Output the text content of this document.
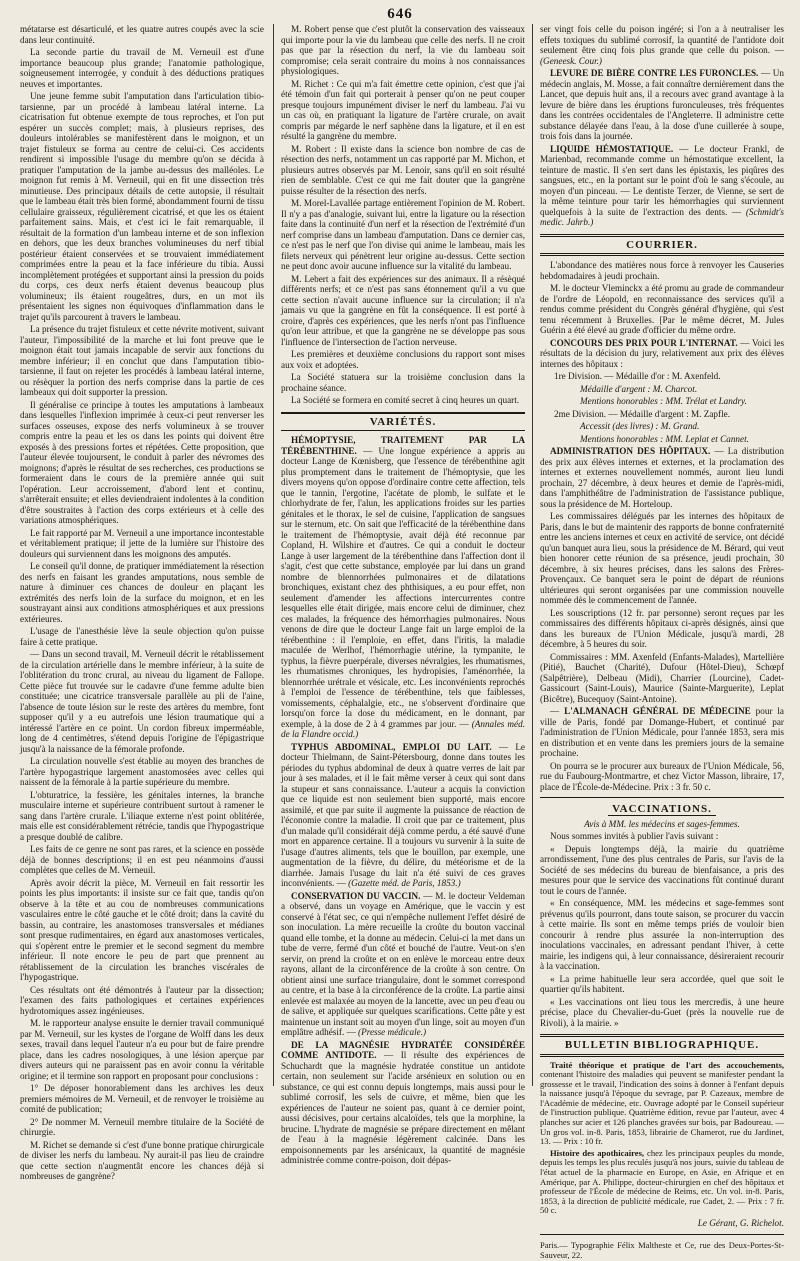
646

métatarse est désarticulé, et les quatre autres coupés avec la scie dans leur continuité.

La seconde partie du travail de M. Verneuil est d'une importance beaucoup plus grande; l'anatomie pathologique, soigneusement interrogée, y conduit à des déductions pratiques neuves et importantes.

Une jeune femme subit l'amputation dans l'articulation tibio-tarsienne, par un procédé à lambeau latéral interne. La cicatrisation fut obtenue exempte de tous reproches, et l'on put espérer un succès complet; mais, à plusieurs reprises, des douleurs intolérables se manifestèrent dans le moignon, et un trajet fistuleux se forma au centre de celui-ci. Ces accidents rendirent si impossible l'usage du membre qu'on se décida à pratiquer l'amputation de la jambe au-dessus des malléoles. Le moignon fut remis à M. Verneuil, qui en fit une dissection très minutieuse. Des principaux détails de cette autopsie, il résultait que le lambeau était très bien formé, abondamment fourni de tissu cellulaire graisseux, régulièrement cicatrisé, et que les os étaient parfaitement sains. Mais, et c'est ici le fait remarquable, il résultait de la formation d'un lambeau interne et de son inflexion en dehors, que les deux branches volumineuses du nerf tibial postérieur étaient conservées et se trouvaient immédiatement comprimées entre la peau et la face inférieure du tibia. Aussi incomplètement protégées et supportant ainsi la pression du poids du corps, ces deux nerfs étaient devenus beaucoup plus volumineux; ils étaient rougeâtres, durs, en un mot ils présentaient les signes non équivoques d'inflammation dans le trajet qu'ils parcourent à travers le lambeau.

La présence du trajet fistuleux et cette névrite motivent, suivant l'auteur, l'impossibilité de la marche et lui font preuve que le moignon était tout jamais incapable de servir aux fonctions du membre inférieur; il en conclut que dans l'amputation tibio-tarsienne, il faut on rejeter les procédés à lambeau latéral interne, ou résèquer la portion des nerfs comprise dans la partie de ces lambeaux qui doit supporter la pression.

Il généralise ce principe à toutes les amputations à lambeaux dans lesquelles l'inflexion imprimée à ceux-ci peut renverser les surfaces osseuses, expose des nerfs volumineux à se trouver compris entre la peau et les os dans les points qui doivent être exposés à des pressions fortes et répétées. Cette proposition, que l'auteur élevée toujoursent, le conduit à parler des névromes des moignons; d'après le résultat de ses recherches, ces productions se formeraient dans le cours de la première année qui suit l'opération. Leur accroissement, d'abord lent et continu, s'arrêterait ensuite; et elles deviendraient indolentes à la condition d'être soustraites à l'action des corps extérieurs et à celle des variations atmosphériques.

Le fait rapporté par M. Verneuil a une importance incontestable et véritablement pratique; il jette de la lumière sur l'histoire des douleurs qui surviennent dans les moignons des amputés.

Le conseil qu'il donne, de pratiquer immédiatement la résection des nerfs en faisant les grandes amputations, nous semble de nature à diminuer ces chances de douleur en plaçant les extrémités des nerfs loin de la surface du moignon, et en les soustrayant ainsi aux conditions atmosphériques et aux pressions extérieures.

L'usage de l'anesthésie lève la seule objection qu'on puisse faire à cette pratique.

— Dans un second travail, M. Verneuil décrit le rétablissement de la circulation artérielle dans le membre inférieur, à la suite de l'oblitération du tronc crural, au niveau du ligament de Fallope. Cette pièce fut trouvée sur le cadavre d'une femme adulte bien constituée; une cicatrice transversale parallèle au pli de l'aine, l'absence de toute lésion sur le reste des artères du membre, font supposer qu'il y a eu autrefois une lésion traumatique qui a intéressé l'artère en ce point. Un cordon fibreux imperméable, long de 4 centimètres, s'étend depuis l'origine de l'épigastrique jusqu'à la naissance de la fémorale profonde.

La circulation nouvelle s'est établie au moyen des branches de l'artère hypogastrique largement anastomosées avec celles qui naissent de la fémorale à la partie supérieure du membre.

L'obturatrice, la fessière, les génitales internes, la branche musculaire interne et supérieure contribuent surtout à ramener le sang dans l'artère crurale. L'iliaque externe n'est point oblitérée, mais elle est considérablement rétrécie, tandis que l'hypogastrique a presque doublé de calibre.

Les faits de ce genre ne sont pas rares, et la science en possède déjà de bonnes descriptions; il en est peu néanmoins d'aussi complètes que celles de M. Verneuil.

Après avoir décrit la pièce, M. Verneuil en fait ressortir les points les plus importants: il insiste sur ce fait que, tandis qu'on observe à la tête et au cou de nombreuses communications vasculaires entre le côté gauche et le côté droit; dans la cavité du bassin, au contraire, les anastomoses transversales et médianes sont presque rudimentaires, en égard aux anastomoses verticales, qui s'opèrent entre le premier et le second segment du membre inférieur. Il note encore le peu de part que prennent au rétablissement de la circulation les branches viscérales de l'hypogastrique.

Ces résultats ont été démontrés à l'auteur par la dissection; l'examen des faits pathologiques et certaines expériences hydrotomiques assez ingénieuses.

M. le rapporteur analyse ensuite le dernier travail communiqué par M. Verneuil, sur les kystes de l'organe de Wolff dans les deux sexes, travail dans lequel l'auteur n'a eu pour but de faire prendre place, dans les cadres nosologiques, à une lésion aperçue par divers auteurs qui ne paraissent pas en avoir connu la véritable origine; et il termine son rapport en proposant pour conclusions :

1° De déposer honorablement dans les archives les deux premiers mémoires de M. Verneuil, et de renvoyer le troisième au comité de publication;

2° De nommer M. Verneuil membre titulaire de la Société de chirurgie.

M. Richet se demande si c'est d'une bonne pratique chirurgicale de diviser les nerfs du lambeau. Ny aurait-il pas lieu de craindre que cette section n'augmentât encore les chances déjà si nombreuses de gangrène?

M. Robert pense que c'est plutôt la conservation des vaisseaux qui importe pour la vie du lambeau que celle des nerfs. Il ne croit pas que par la résection du nerf, la vie du lambeau soit compromise; cela serait contraire du moins à nos connaissances physiologiques.

M. Richet : Ce qui m'a fait émettre cette opinion, c'est que j'ai été témoin d'un fait qui porterait à penser qu'on ne peut couper presque toujours impunément diviser le nerf du lambeau. J'ai vu un cas où, en pratiquant la ligature de l'artère crurale, on avait compris par mégarde le nerf saphène dans la ligature, et il en est résulté la gangrène du membre.

M. Robert : Il existe dans la science bon nombre de cas de résection des nerfs, notamment un cas rapporté par M. Michon, et plusieurs autres observés par M. Lenoir, sans qu'il en soit résulté rien de semblable. C'est ce qui me fait douter que la gangrène puisse résulter de la résection des nerfs.

M. Morel-Lavallée partage entièrement l'opinion de M. Robert. Il n'y a pas d'analogie, suivant lui, entre la ligature ou la résection faite dans la continuité d'un nerf et la résection de l'extrémité d'un nerf comprise dans un lambeau d'amputation. Dans ce dernier cas, ce n'est pas le nerf que l'on divise qui anime le lambeau, mais les filets nerveux qui pénètrent leur origine au-dessus. Cette section ne peut donc avoir aucune influence sur la vitalité du lambeau.

M. Lebert a fait des expériences sur des animaux. Il a résèqué différents nerfs; et ce n'est pas sans étonnement qu'il a vu que cette section n'avait aucune influence sur la circulation; il n'a jamais vu que la gangrène en fût la conséquence. Il est porté à croire, d'après ces expériences, que les nerfs n'ont pas l'influence qu'on leur attribue, et que la gangrène ne se développe pas sous l'influence de l'intersection de l'action nerveuse.

Les premières et deuxième conclusions du rapport sont mises aux voix et adoptées.

La Société statuera sur la troisième conclusion dans la prochaine séance.

La Société se formera en comité secret à cinq heures un quart.

VARIÉTÉS.

HÉMOPTYSIE, TRAITEMENT PAR LA TÉRÉBENTHINE. — Une longue expérience a appris au docteur Lange de Kœnisberg, que l'essence de térébenthine agit plus promptement dans le traitement de l'hémoptysie, que les divers moyens qu'on oppose d'ordinaire contre cette affection, tels que le tannin, l'ergotine, l'acétate de plomb, le sulfate et le chlorhydrate de fer, l'alun, les applications froides sur les parties génitales et le thorax, le sel de cuisine, l'application de sangsues sur le sternum, etc. On sait que l'efficacité de la térébenthine dans le traitement de l'hémoptysie, avait déjà été reconnue par Copland, H. Wilshire et d'autres. Ce qui a conduit le docteur Lange à user largement de la térébenthine dans l'affection dont il s'agit, c'est que cette substance, employée par lui dans un grand nombre de blennorrhées pulmonaires et de dilatations bronchiques, existant chez des phthisiques, a eu pour effet, non seulement d'amender les affections intercurrentes contre lesquelles elle était dirigée, mais encore celui de diminuer, chez ces malades, la fréquence des hémorrhagies pulmonaires. Nous venons de dire que le docteur Lange fait un large emploi de la térébenthine : il l'emploie, en effet, dans l'iritis, la maladie maculée de Werlhof, l'hémorrhagie utérine, la tympanite, le typhus, la fièvre puerpérale, diverses névralgies, les rhumatismes, les rhumatismes chroniques, les hydropisies, l'aménorrhée, la blennorrhée urétrale et vésicale, etc. Les inconvénients reprochés à l'emploi de l'essence de térébenthine, tels que faiblesses, vomissements, céphalalgie, etc., ne s'observent d'ordinaire que lorsqu'on force la dose du médicament, en le donnant, par exemple, à la dose de 2 à 4 grammes par jour. — (Annales méd. de la Flandre occid.)

TYPHUS ABDOMINAL, EMPLOI DU LAIT. — Le docteur Thielmann, de Saint-Pétersbourg, donne dans toutes les périodes du typhus abdominal de deux à quatre verres de lait par jour à ses malades, et il le fait même verser à ceux qui sont dans la stupeur et sans connaissance. L'auteur a acquis la conviction que ce liquide est non seulement bien supporté, mais encore assimilé, et que par suite il augmente la puissance de réaction de l'économie contre la maladie. Il croit que par ce traitement, plus d'un malade qu'il considérait déjà comme perdu, a été sauvé d'une mort en apparence certaine. Il a toujours vu survenir à la suite de l'usage d'autres aliments, tels que le bouillon, par exemple, une augmentation de la fièvre, du délire, du météorisme et de la diarrhée. Jamais l'usage du lait n'a été suivi de ces graves inconvénients. — (Gazette méd. de Paris, 1853.)

CONSERVATION DU VACCIN. — M. le docteur Veldeman a observé, dans un voyage en Amérique, que le vaccin y est conservé à l'état sec, ce qui n'empêche nullement l'effet désiré de son inoculation. La mère recueille la croûte du bouton vaccinal quand elle tombe, et la donne au médecin. Celui-ci la met dans un tube de verre, fermé d'un côté et bouché de l'autre. Veut-on s'en servir, on prend la croûte et on en enlève le morceau entre deux rayons, allant de la circonférence de la croûte à son centre. On obtient ainsi une surface triangulaire, dont le sommet correspond au centre, et la base à la circonférence de la croûte. La partie ainsi enlevée est malaxée au moyen de la lancette, avec un peu d'eau ou de salive, et appliquée sur quelques scarifications. Cette pâte y est maintenue un instant soit au moyen d'un linge, soit au moyen d'un emplâtre adhésif. — (Presse médicale.)

DE LA MAGNÉSIE HYDRATÉE CONSIDÉRÉE COMME ANTIDOTE. — Il résulte des expériences de Schuchardt que la magnésie hydratée constitue un antidote certain, non seulement sur l'acide arsénieux en solution ou en substance, ce qui est connu depuis longtemps, mais aussi pour le sublimé corrosif, les sels de cuivre, et même, bien que les expériences de l'auteur ne soient pas, quant à ce dernier point, aussi décisives, pour certains alcaloïdes, tels que la morphine, la brucine. L'hydrate de magnésie se prépare directement en mêlant de l'eau à la magnésie légèrement calcinée. Dans les empoisonnements par les arsénicaux, la quantité de magnésie administrée comme contre-poison, doit dépas-

ser vingt fois celle du poison ingéré; si l'on a à neutraliser les effets toxiques du sublimé corrosif, la quantité de l'antidote doit seulement être cinq fois plus grande que celle du poison. — (Geneesk. Cour.)

LEVURE DE BIÈRE CONTRE LES FURONCLES. — Un médecin anglais, M. Mosse, a fait connaître dernièrement dans the Lancet, que depuis huit ans, il a recours avec grand avantage à la levure de bière dans les éruptions furonculeuses, très fréquentes dans les contrées occidentales de l'Angleterre. Il administre cette substance délayée dans l'eau, à la dose d'une cuillerée à soupe, trois fois dans la journée.

LIQUIDE HÉMOSTATIQUE. — Le docteur Frankl, de Marienbad, recommande comme un hémostatique excellent, la teinture de mastic. Il s'en sert dans les épistaxis, les piqûres des sangsues, etc., en la portant sur le point d'où le sang s'écoule, au moyen d'un pinceau. — Le dentiste Terzer, de Vienne, se sert de la même teinture pour tarir les hémorrhagies qui surviennent quelquefois à la suite de l'extraction des dents. — (Schmidt's medic. Jahrb.)

COURRIER.

L'abondance des matières nous force à renvoyer les Causeries hebdomadaires à jeudi prochain.

M. le docteur Vleminckx a été promu au grade de commandeur de l'ordre de Léopold, en reconnaissance des services qu'il a rendus comme président du Congrès général d'hygiène, qui s'est tenu récemment à Bruxelles. [Par le même décret, M. Jules Guérin a été élevé au grade d'officier du même ordre.

CONCOURS DES PRIX POUR L'INTERNAT. — Voici les résultats de la décision du jury, relativement aux prix des élèves internes des hôpitaux :

1re Division. — Médaille d'or : M. Axenfeld.

Médaille d'argent : M. Charcot.

Mentions honorables : MM. Trélat et Landry.

2me Division. — Médaille d'argent : M. Zapfle.

Accessit (des livres) : M. Grand.

Mentions honorables : MM. Leplat et Cannet.

ADMINISTRATION DES HÔPITAUX. — La distribution des prix aux élèves internes et externes, et la proclamation des internes et externes nouvellement nommés, auront lieu lundi prochain, 27 décembre, à deux heures et demie de l'après-midi, dans l'amphithéâtre de l'administration de l'assistance publique, sous la présidence de M. Horteloup.

Les commissaires délégués par les internes des hôpitaux de Paris, dans le but de maintenir des rapports de bonne confraternité entre les anciens internes et ceux en activité de service, ont décidé qu'un banquet aura lieu, sous la présidence de M. Bérard, qui veut bien honorer cette réunion de sa présence, jeudi prochain, 30 décembre, à six heures précises, dans les salons des Frères-Provençaux. Ce banquet sera le point de départ de réunions ultérieures qui seront organisées par une commission nouvelle nommée dès le commencement de l'année.

Les souscriptions (12 fr. par personne) seront reçues par les commissaires des différents hôpitaux ci-après désignés, ainsi que dans les bureaux de l'Union Médicale, jusqu'à mardi, 28 décembre, à 5 heures du soir.

Commissaires : MM. Axenfeld (Enfants-Malades), Martellière (Pitié), Bauchet (Charité), Dufour (Hôtel-Dieu), Schœpf (Salpêtrière), Delbeau (Midi), Charrier (Lourcine), Cadet-Gassicourt (Saint-Louis), Maurice (Sainte-Marguerite), Leplat (Bicêtre), Bucequoy (Saint-Antoine).

— L'ALMANACH GÉNÉRAL DE MÉDECINE pour la ville de Paris, fondé par Domange-Hubert, et continué par l'administration de l'Union Médicale, pour l'année 1853, sera mis en distribution et en vente dans les premiers jours de la semaine prochaine.

On pourra se le procurer aux bureaux de l'Union Médicale, 56, rue du Faubourg-Montmartre, et chez Victor Masson, libraire, 17, place de l'École-de-Médecine. Prix : 3 fr. 50 c.

VACCINATIONS.

Avis à MM. les médecins et sages-femmes.

Nous sommes invités à publier l'avis suivant :

« Depuis longtemps déjà, la mairie du quatrième arrondissement, l'une des plus centrales de Paris, sur l'avis de la Société de ses médecins du bureau de bienfaisance, a pris des mesures pour que le service des vaccinations fût continué durant tout le cours de l'année.

« En conséquence, MM. les médecins et sage-femmes sont prévenus qu'ils pourront, dans toute saison, se procurer du vaccin à cette mairie. Ils sont en même temps priés de vouloir bien concourir à rendre plus assurée la non-interruption des inoculations vaccinales, en adressant pendant l'hiver, à cette mairie, les indigens qui, à leur connaissance, désireraient recourir à la vaccination.

« La prime habituelle leur sera accordée, quel que soit le quartier qu'ils habitent.

« Les vaccinations ont lieu tous les mercredis, à une heure précise, place du Chevalier-du-Guet (près la nouvelle rue de Rivoli), à la mairie. »

BULLETIN BIBLIOGRAPHIQUE.

Traité théorique et pratique de l'art des accouchements, contenant l'histoire des maladies qui peuvent se manifester pendant la grossesse et le travail, l'indication des soins à donner à l'enfant depuis la naissance jusqu'à l'époque du sevrage, par P. Cazeaux, membre de l'Académie de médecine, etc. Ouvrage adopté par le Conseil supérieur de l'instruction publique. Quatrième édition, revue par l'auteur, avec 4 planches sur acier et 126 planches gravées sur bois, par Badoureau. — Un gros vol. in-8. Paris, 1853, librairie de Chamerot, rue du Jardinet, 13. — Prix : 10 fr.

Histoire des apothicaires, chez les principaux peuples du monde, depuis les temps les plus reculés jusqu'à nos jours, suivie du tableau de l'état actuel de la pharmacie en Europe, en Asie, en Afrique et en Amérique, par A. Philippe, docteur-chirurgien en chef des hôpitaux et professeur de l'École de médecine de Reims, etc. Un vol. in-8. Paris, 1853, à la direction de publicité médicale, rue Cadet, 2. — Prix : 7 fr. 50 c.

Le Gérant, G. Richelot.

Paris.— Typographie Félix Maltheste et Ce, rue des Deux-Portes-St-Sauveur, 22.
